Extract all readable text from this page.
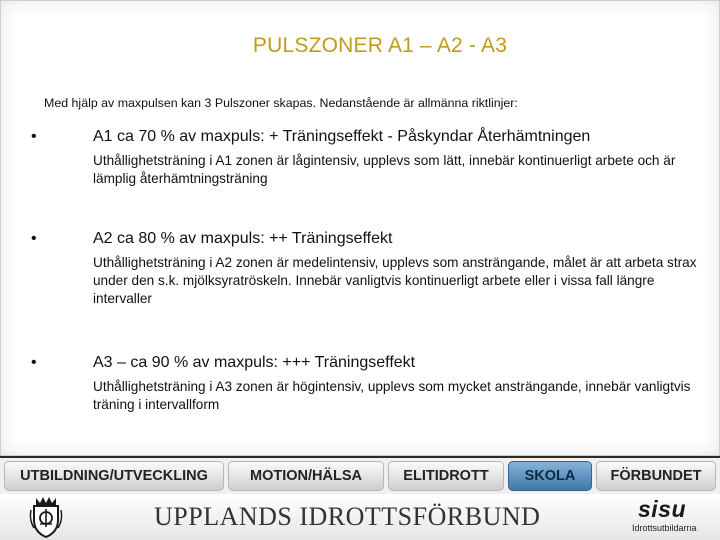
PULSZONER A1 – A2 - A3
Med hjälp av maxpulsen kan 3 Pulszoner skapas. Nedanstående är allmänna riktlinjer:
•	A1 ca 70 % av maxpuls: + Träningseffekt - Påskyndar Återhämtningen
Uthållighetsträning i A1 zonen är lågintensiv, upplevs som lätt, innebär kontinuerligt arbete och är lämplig återhämtningsträning
•	A2 ca 80 % av maxpuls: ++ Träningseffekt
Uthållighetsträning i A2 zonen är medelintensiv, upplevs som ansträngande, målet är att arbeta strax under den s.k. mjölksyratröskeln. Innebär vanligtvis kontinuerligt arbete eller i vissa fall längre intervaller
•	A3 – ca 90 % av maxpuls: +++ Träningseffekt
Uthållighetsträning i A3 zonen är högintensiv, upplevs som mycket ansträngande, innebär vanligtvis träning i intervallform
UTBILDNING/UTVECKLING	MOTION/HÄLSA	ELITIDROTT	SKOLA	FÖRBUNDET
UPPLANDS IDROTTSFÖRBUND	sisu
Idrottsutbildarna
